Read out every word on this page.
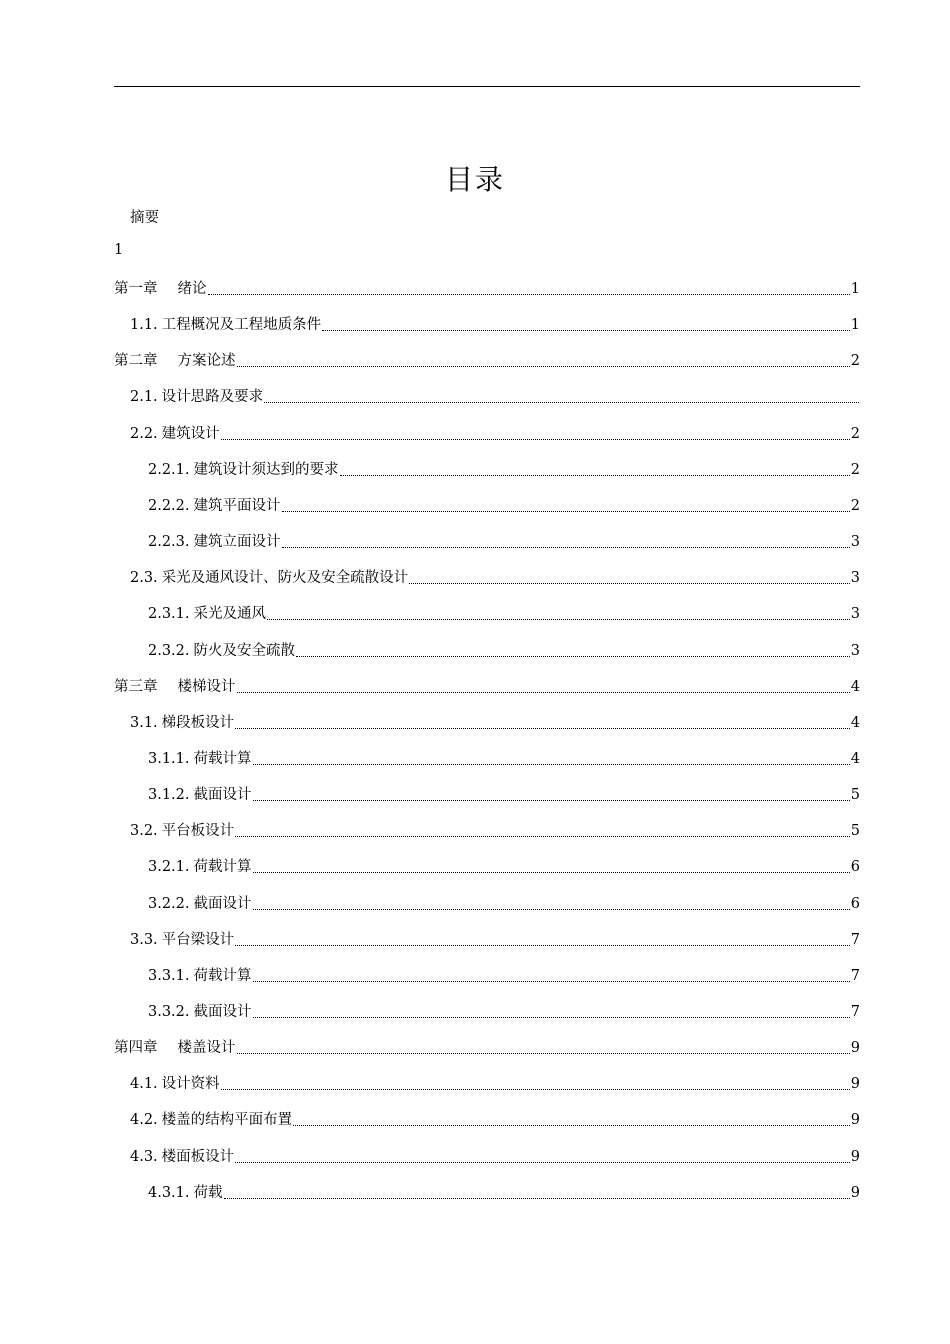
目录
摘要
1
第一章 绪论	1
1.1. 工程概况及工程地质条件	1
第二章 方案论述	2
2.1. 设计思路及要求
2.2. 建筑设计	2
2.2.1. 建筑设计须达到的要求	2
2.2.2. 建筑平面设计	2
2.2.3. 建筑立面设计	3
2.3. 采光及通风设计、防火及安全疏散设计	3
2.3.1. 采光及通风	3
2.3.2. 防火及安全疏散	3
第三章 楼梯设计	4
3.1. 梯段板设计	4
3.1.1. 荷载计算	4
3.1.2. 截面设计	5
3.2. 平台板设计	5
3.2.1. 荷载计算	6
3.2.2. 截面设计	6
3.3. 平台梁设计	7
3.3.1. 荷载计算	7
3.3.2. 截面设计	7
第四章 楼盖设计	9
4.1. 设计资料	9
4.2. 楼盖的结构平面布置	9
4.3. 楼面板设计	9
4.3.1. 荷载	9
